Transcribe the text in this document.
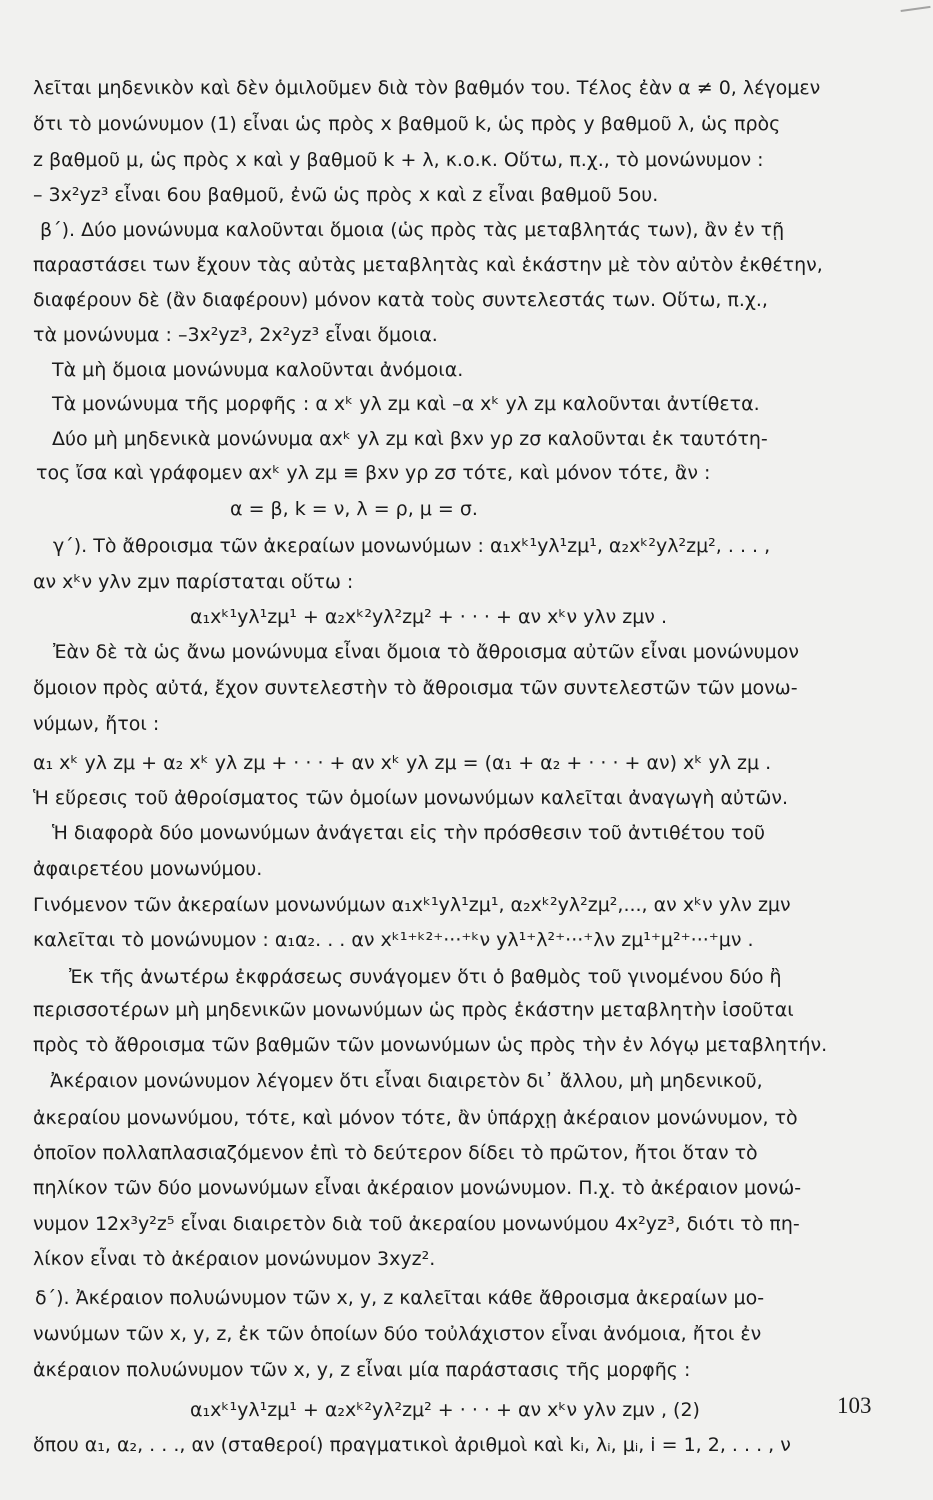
λεῖται μηδενικὸν καὶ δὲν ὁμιλοῦμεν διὰ τὸν βαθμόν του. Τέλος ἐὰν α ≠ 0, λέγομεν
ὅτι τὸ μονώνυμον (1) εἶναι ὡς πρὸς x βαθμοῦ k, ὡς πρὸς y βαθμοῦ λ, ὡς πρὸς
z βαθμοῦ μ, ὡς πρὸς x καὶ y βαθμοῦ k + λ, κ.ο.κ. Οὕτω, π.χ., τὸ μονώνυμον :
– 3x²yz³ εἶναι 6ου βαθμοῦ, ἐνῶ ὡς πρὸς x καὶ z εἶναι βαθμοῦ 5ου.
β΄). Δύο μονώνυμα καλοῦνται ὅμοια (ὡς πρὸς τὰς μεταβλητάς των), ἂν ἐν τῇ
παραστάσει των ἔχουν τὰς αὐτὰς μεταβλητὰς καὶ ἑκάστην μὲ τὸν αὐτὸν ἐκθέτην,
διαφέρουν δὲ (ἂν διαφέρουν) μόνον κατὰ τοὺς συντελεστάς των. Οὕτω, π.χ.,
τὰ μονώνυμα : –3x²yz³, 2x²yz³ εἶναι ὅμοια.
Τὰ μὴ ὅμοια μονώνυμα καλοῦνται ἀνόμοια.
Τὰ μονώνυμα τῆς μορφῆς : α xᵏ yλ zμ καὶ –α xᵏ yλ zμ καλοῦνται ἀντίθετα.
Δύο μὴ μηδενικὰ μονώνυμα αxᵏ yλ zμ καὶ βxν yρ zσ καλοῦνται ἐκ ταυτότη-
τος ἴσα καὶ γράφομεν αxᵏ yλ zμ ≡ βxν yρ zσ τότε, καὶ μόνον τότε, ἂν :
α = β, k = ν, λ = ρ, μ = σ.
γ΄). Τὸ ἄθροισμα τῶν ἀκεραίων μονωνύμων : α₁xᵏ¹yλ¹zμ¹, α₂xᵏ²yλ²zμ², . . . ,
αν xᵏν yλν zμν παρίσταται οὕτω :
α₁xᵏ¹yλ¹zμ¹ + α₂xᵏ²yλ²zμ² + · · · + αν xᵏν yλν zμν .
Ἐὰν δὲ τὰ ὡς ἄνω μονώνυμα εἶναι ὅμοια τὸ ἄθροισμα αὐτῶν εἶναι μονώνυμον
ὅμοιον πρὸς αὐτά, ἔχον συντελεστὴν τὸ ἄθροισμα τῶν συντελεστῶν τῶν μονω-
νύμων, ἤτοι :
α₁ xᵏ yλ zμ + α₂ xᵏ yλ zμ + · · · + αν xᵏ yλ zμ = (α₁ + α₂ + · · · + αν) xᵏ yλ zμ .
Ἡ εὕρεσις τοῦ ἀθροίσματος τῶν ὁμοίων μονωνύμων καλεῖται ἀναγωγὴ αὐτῶν.
Ἡ διαφορὰ δύο μονωνύμων ἀνάγεται εἰς τὴν πρόσθεσιν τοῦ ἀντιθέτου τοῦ
ἀφαιρετέου μονωνύμου.
Γινόμενον τῶν ἀκεραίων μονωνύμων α₁xᵏ¹yλ¹zμ¹, α₂xᵏ²yλ²zμ²,..., αν xᵏν yλν zμν
καλεῖται τὸ μονώνυμον : α₁α₂. . . αν xᵏ¹⁺ᵏ²⁺···⁺ᵏν yλ¹⁺λ²⁺···⁺λν zμ¹⁺μ²⁺···⁺μν .
Ἐκ τῆς ἀνωτέρω ἐκφράσεως συνάγομεν ὅτι ὁ βαθμὸς τοῦ γινομένου δύο ἢ
περισσοτέρων μὴ μηδενικῶν μονωνύμων ὡς πρὸς ἑκάστην μεταβλητὴν ἰσοῦται
πρὸς τὸ ἄθροισμα τῶν βαθμῶν τῶν μονωνύμων ὡς πρὸς τὴν ἐν λόγῳ μεταβλητήν.
Ἀκέραιον μονώνυμον λέγομεν ὅτι εἶναι διαιρετὸν δι᾿ ἄλλου, μὴ μηδενικοῦ,
ἀκεραίου μονωνύμου, τότε, καὶ μόνον τότε, ἂν ὑπάρχῃ ἀκέραιον μονώνυμον, τὸ
ὁποῖον πολλαπλασιαζόμενον ἐπὶ τὸ δεύτερον δίδει τὸ πρῶτον, ἤτοι ὅταν τὸ
πηλίκον τῶν δύο μονωνύμων εἶναι ἀκέραιον μονώνυμον. Π.χ. τὸ ἀκέραιον μονώ-
νυμον 12x³y²z⁵ εἶναι διαιρετὸν διὰ τοῦ ἀκεραίου μονωνύμου 4x²yz³, διότι τὸ πη-
λίκον εἶναι τὸ ἀκέραιον μονώνυμον 3xyz².
δ΄). Ἀκέραιον πολυώνυμον τῶν x, y, z καλεῖται κάθε ἄθροισμα ἀκεραίων μο-
νωνύμων τῶν x, y, z, ἐκ τῶν ὁποίων δύο τοὐλάχιστον εἶναι ἀνόμοια, ἤτοι ἐν
ἀκέραιον πολυώνυμον τῶν x, y, z εἶναι μία παράστασις τῆς μορφῆς :
α₁xᵏ¹yλ¹zμ¹ + α₂xᵏ²yλ²zμ² + · · · + αν xᵏν yλν zμν , (2)
ὅπου α₁, α₂, . . ., αν (σταθεροί) πραγματικοὶ ἀριθμοὶ καὶ kᵢ, λᵢ, μᵢ, i = 1, 2, . . . , ν
103
